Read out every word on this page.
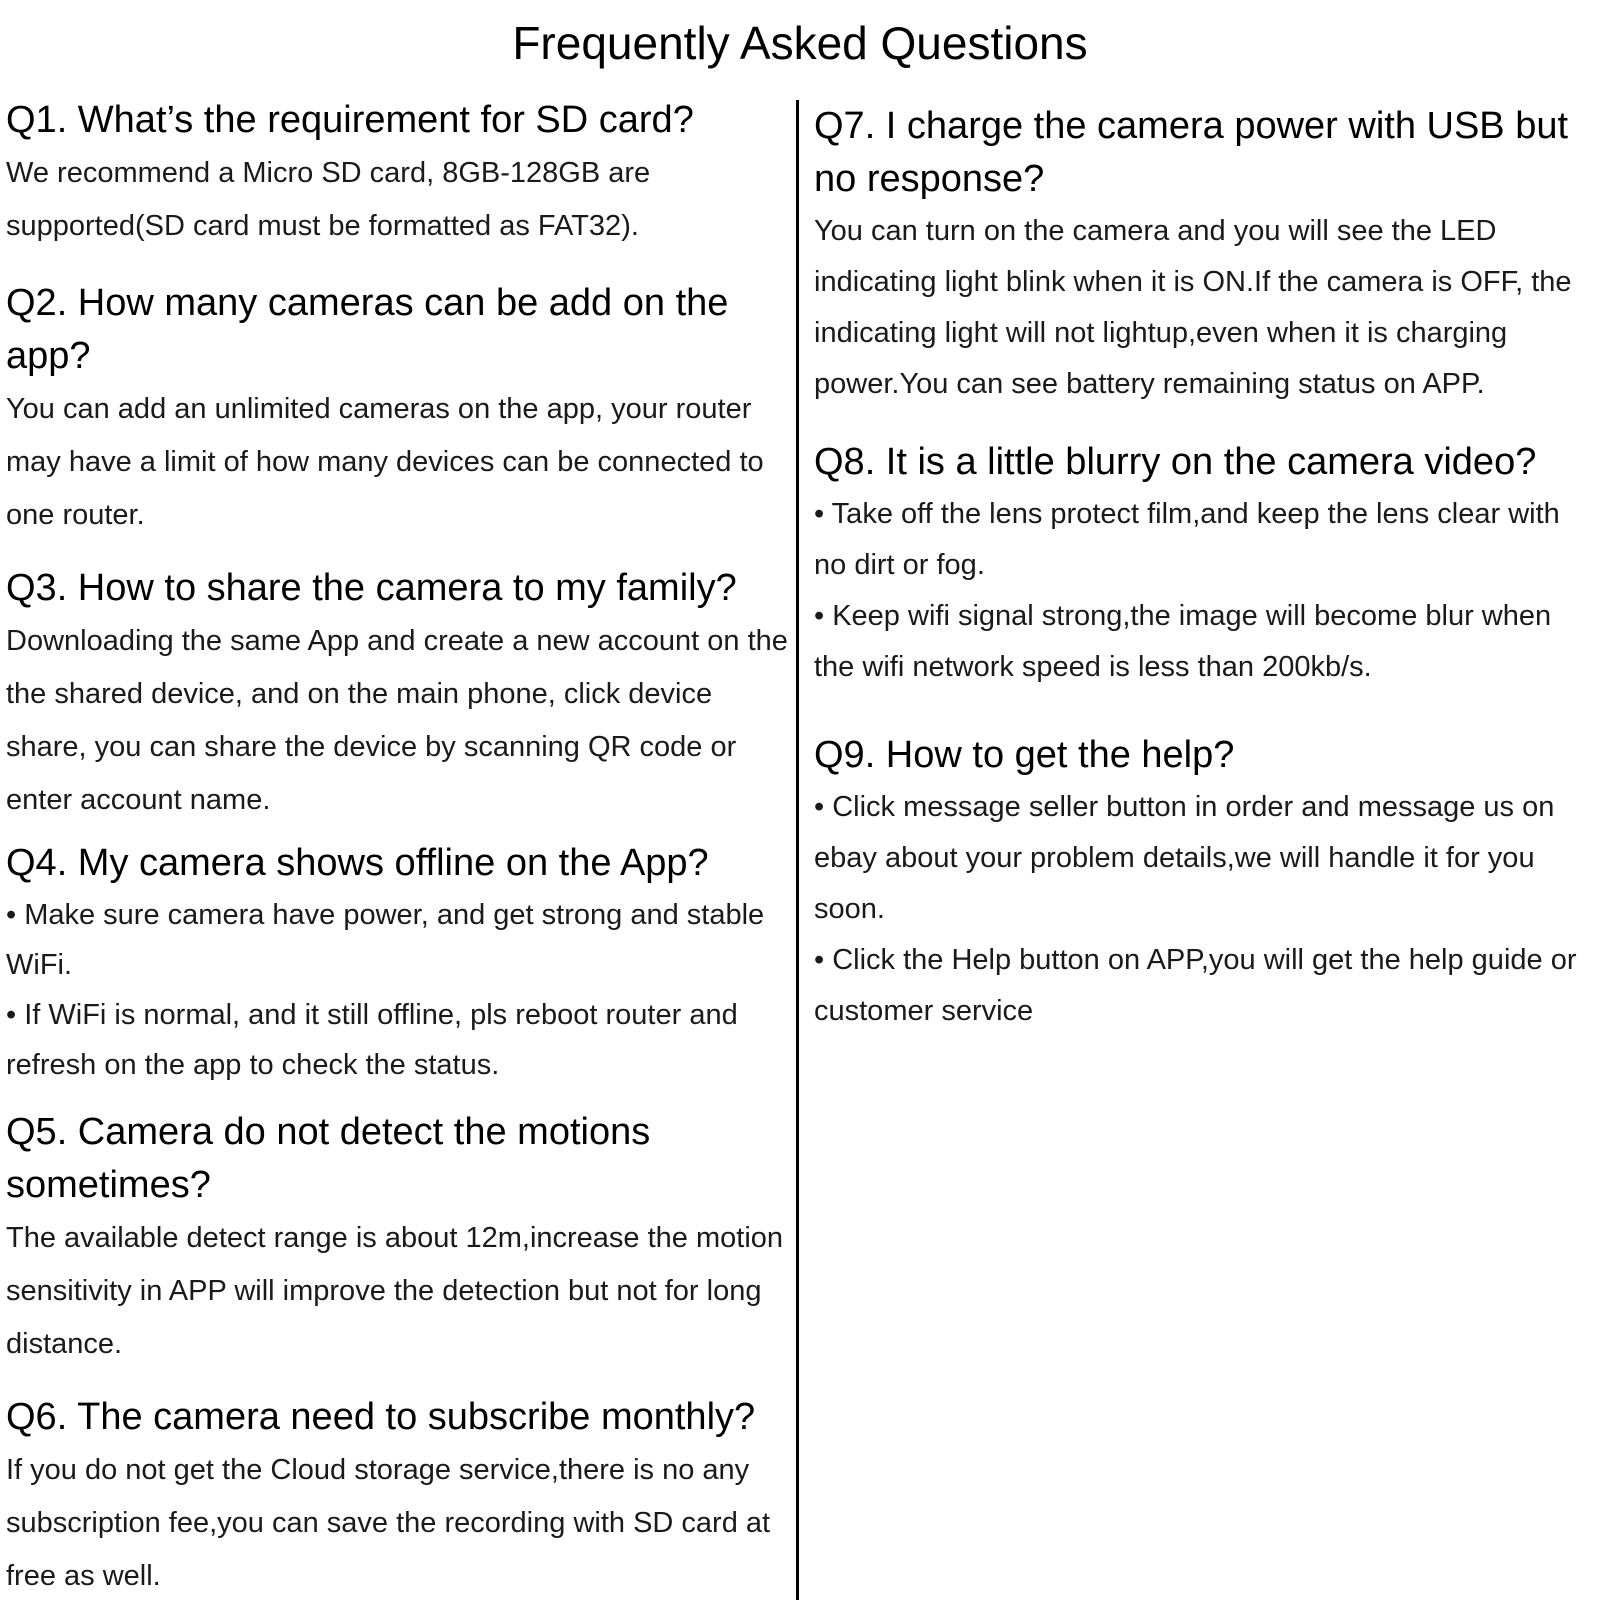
Frequently Asked Questions

Q1. What’s the requirement for SD card?

We recommend a Micro SD card, 8GB-128GB are supported(SD card must be formatted as FAT32).

Q2. How many cameras can be add on the app?

You can add an unlimited cameras on the app, your router may have a limit of how many devices can be connected to one router.

Q3. How to share the camera to my family?

Downloading the same App and create a new account on the the shared device, and on the main phone, click device share, you can share the device by scanning QR code or enter account name.

Q4. My camera shows offline on the App?

• Make sure camera have power, and get strong and stable WiFi.

• If WiFi is normal, and it still offline, pls reboot router and refresh on the app to check the status.

Q5. Camera do not detect the motions sometimes?

The available detect range is about 12m,increase the motion sensitivity in APP will improve the detection but not for long distance.

Q6. The camera need to subscribe monthly?

If you do not get the Cloud storage service,there is no any subscription fee,you can save the recording with SD card at free as well.

Q7. I charge the camera power with USB but no response?

You can turn on the camera and you will see the LED indicating light blink when it is ON.If the camera is OFF, the indicating light will not lightup,even when it is charging power.You can see battery remaining status on APP.

Q8. It is a little blurry on the camera video?

• Take off the lens protect film,and keep the lens clear with no dirt or fog.

• Keep wifi signal strong,the image will become blur when the wifi network speed is less than 200kb/s.

Q9. How to get the help?

• Click message seller button in order and message us on ebay about your problem details,we will handle it for you soon.

• Click the Help button on APP,you will get the help guide or customer service
